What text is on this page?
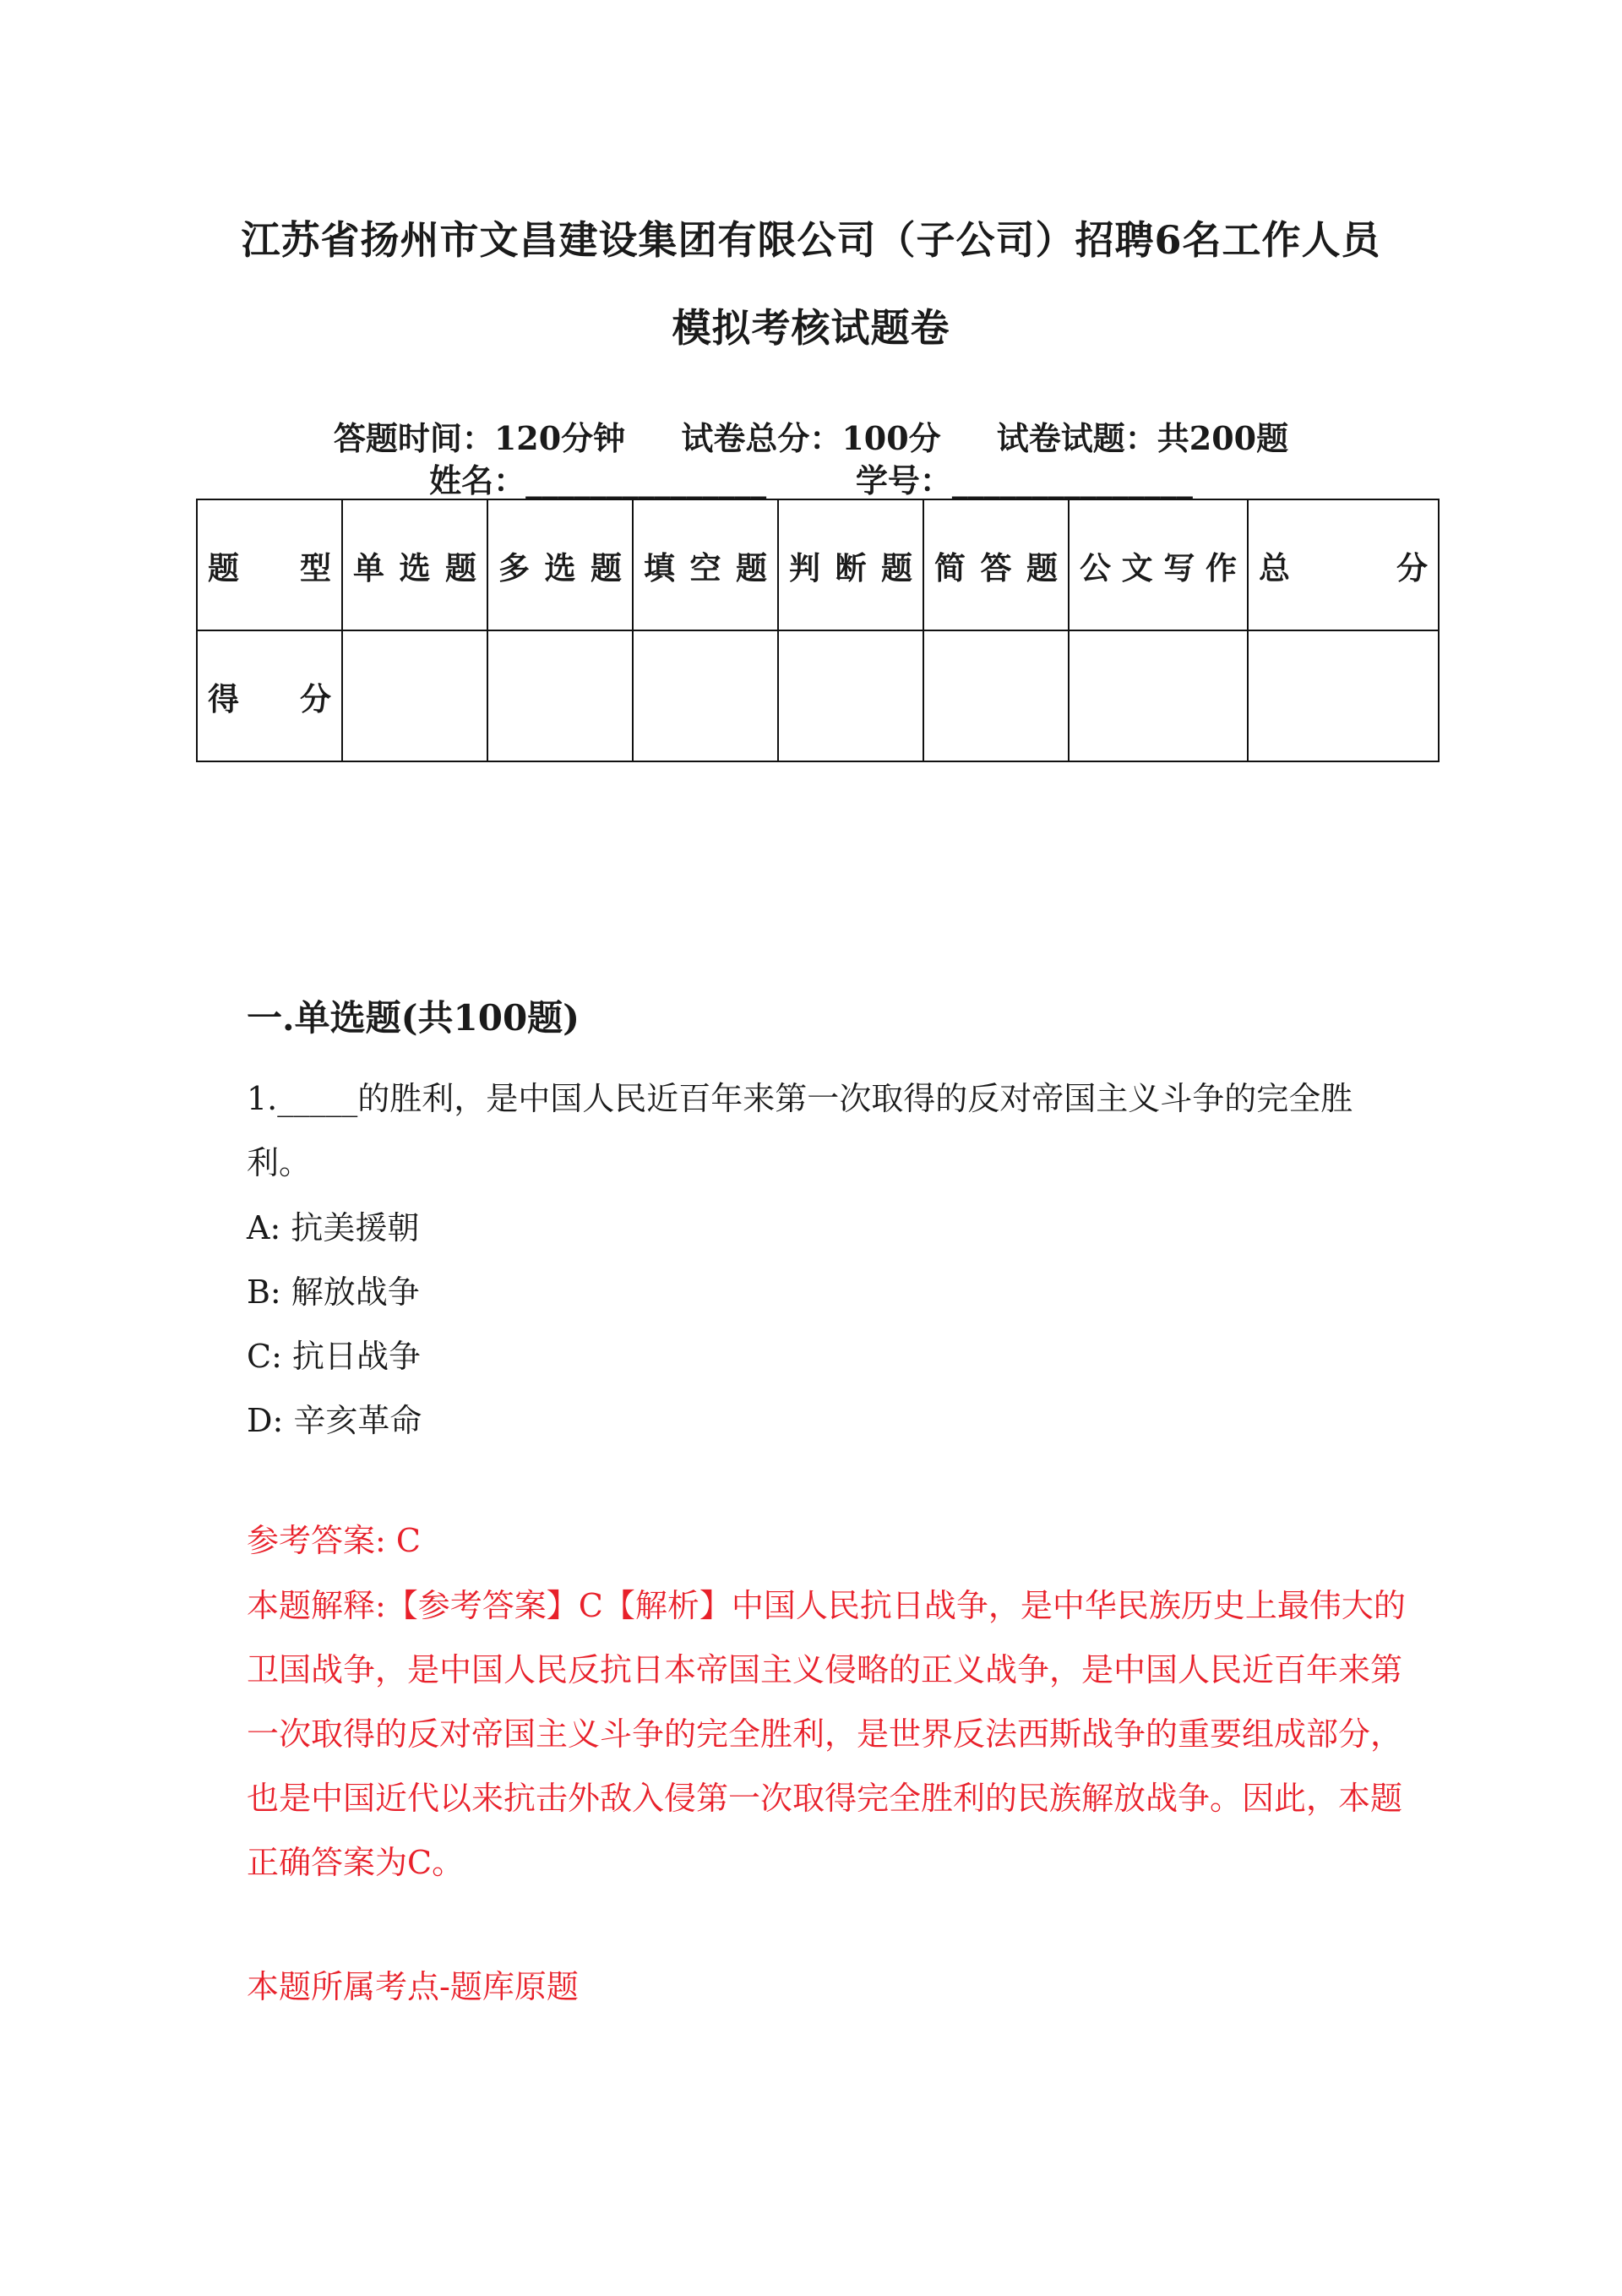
江苏省扬州市文昌建设集团有限公司（子公司）招聘6名工作人员
模拟考核试题卷
答题时间：120分钟     试卷总分：100分     试卷试题：共200题
姓名：_______________	学号：_______________
题 型	单 选 题	多 选 题	填 空 题	判 断 题	简 答 题	公 文 写 作	总 分

得 分							

一.单选题(共100题)
1._____的胜利，是中国人民近百年来第一次取得的反对帝国主义斗争的完全胜利。
A: 抗美援朝
B: 解放战争
C: 抗日战争
D: 辛亥革命
参考答案: C
本题解释:【参考答案】C【解析】中国人民抗日战争，是中华民族历史上最伟大的卫国战争，是中国人民反抗日本帝国主义侵略的正义战争，是中国人民近百年来第一次取得的反对帝国主义斗争的完全胜利，是世界反法西斯战争的重要组成部分，也是中国近代以来抗击外敌入侵第一次取得完全胜利的民族解放战争。因此，本题正确答案为C。
本题所属考点-题库原题
